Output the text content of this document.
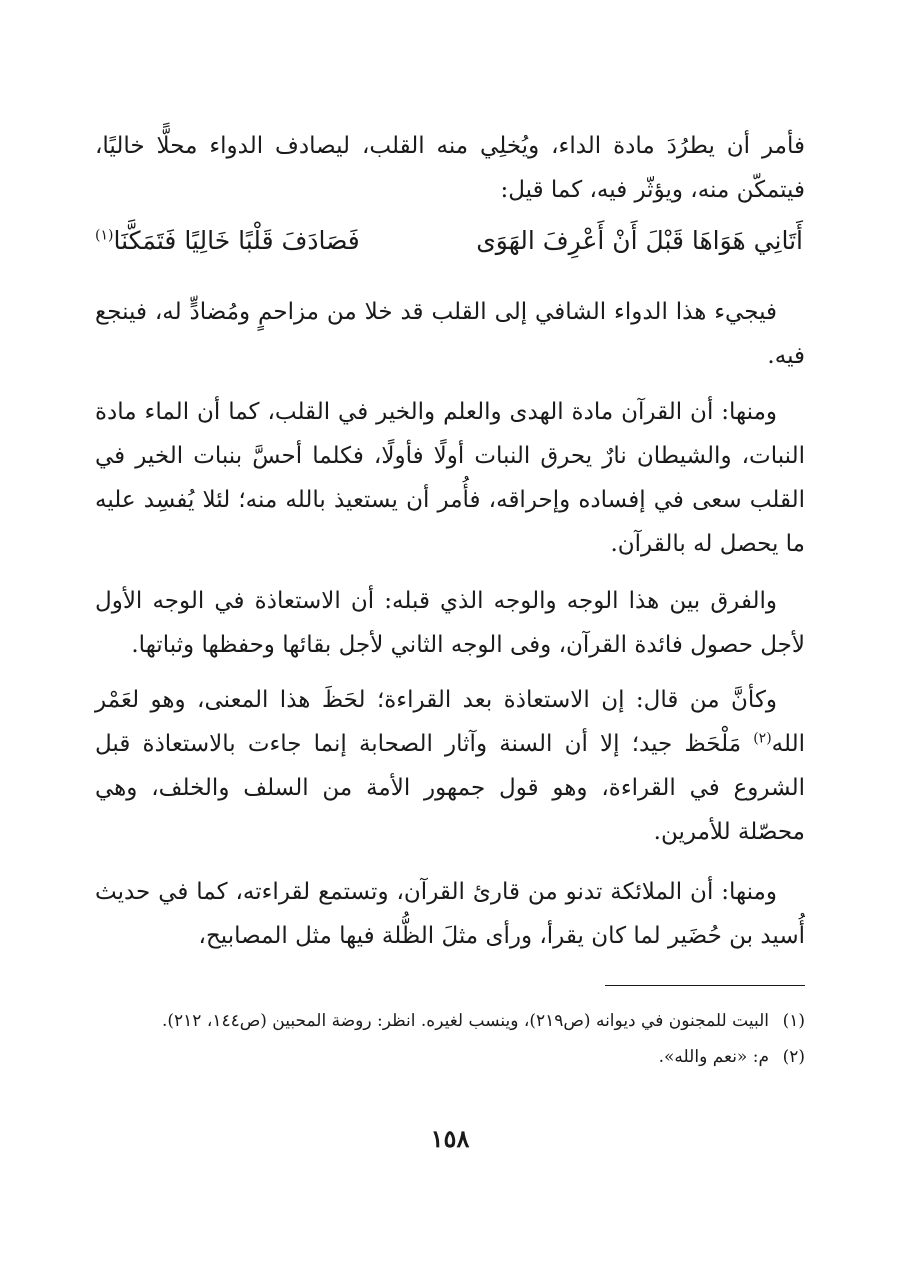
فأمر أن يطرُدَ مادة الداء، ويُخلِي منه القلب، ليصادف الدواء محلًّا خاليًا،

فيتمكّن منه، ويؤثّر فيه، كما قيل:

أَتَانِي هَوَاهَا قَبْلَ أَنْ أَعْرِفَ الهَوَى
فَصَادَفَ قَلْبًا خَالِيًا فَتَمَكَّنَا$^{(١)}$

فيجيء هذا الدواء الشافي إلى القلب قد خلا من مزاحمٍ ومُضادٍّ له، فينجع فيه.

ومنها: أن القرآن مادة الهدى والعلم والخير في القلب، كما أن الماء مادة النبات، والشيطان نارٌ يحرق النبات أولًا فأولًا، فكلما أحسَّ بنبات الخير في القلب سعى في إفساده وإحراقه، فأُمر أن يستعيذ بالله منه؛ لئلا يُفسِد عليه ما يحصل له بالقرآن.

والفرق بين هذا الوجه والوجه الذي قبله: أن الاستعاذة في الوجه الأول لأجل حصول فائدة القرآن، وفى الوجه الثاني لأجل بقائها وحفظها وثباتها.

وكأنَّ من قال: إن الاستعاذة بعد القراءة؛ لحَظَ هذا المعنى، وهو لعَمْر الله$^{(٢)}$ مَلْحَظ جيد؛ إلا أن السنة وآثار الصحابة إنما جاءت بالاستعاذة قبل الشروع في القراءة، وهو قول جمهور الأمة من السلف والخلف، وهي محصّلة للأمرين.

ومنها: أن الملائكة تدنو من قارئ القرآن، وتستمع لقراءته، كما في حديث أُسيد بن حُضَير لما كان يقرأ، ورأى مثلَ الظُّلة فيها مثل المصابيح،

(١)
البيت للمجنون في ديوانه (ص٢١٩)، وينسب لغيره. انظر: روضة المحبين (ص١٤٤، ٢١٢).
(٢)
م: «نعم والله».
١٥٨
